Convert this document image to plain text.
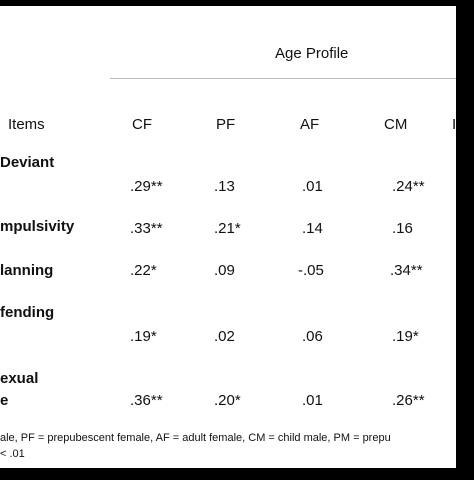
Age Profile
Items	CF	PF	AF	CM	I
Deviant
.29**	.13	.01	.24**
mpulsivity	.33**	.21*	.14	.16
lanning	.22*	.09	-.05	.34**
fending
.19*	.02	.06	.19*
exual
e	.36**	.20*	.01	.26**
ale, PF = prepubescent female, AF = adult female, CM = child male, PM = prepu
< .01
